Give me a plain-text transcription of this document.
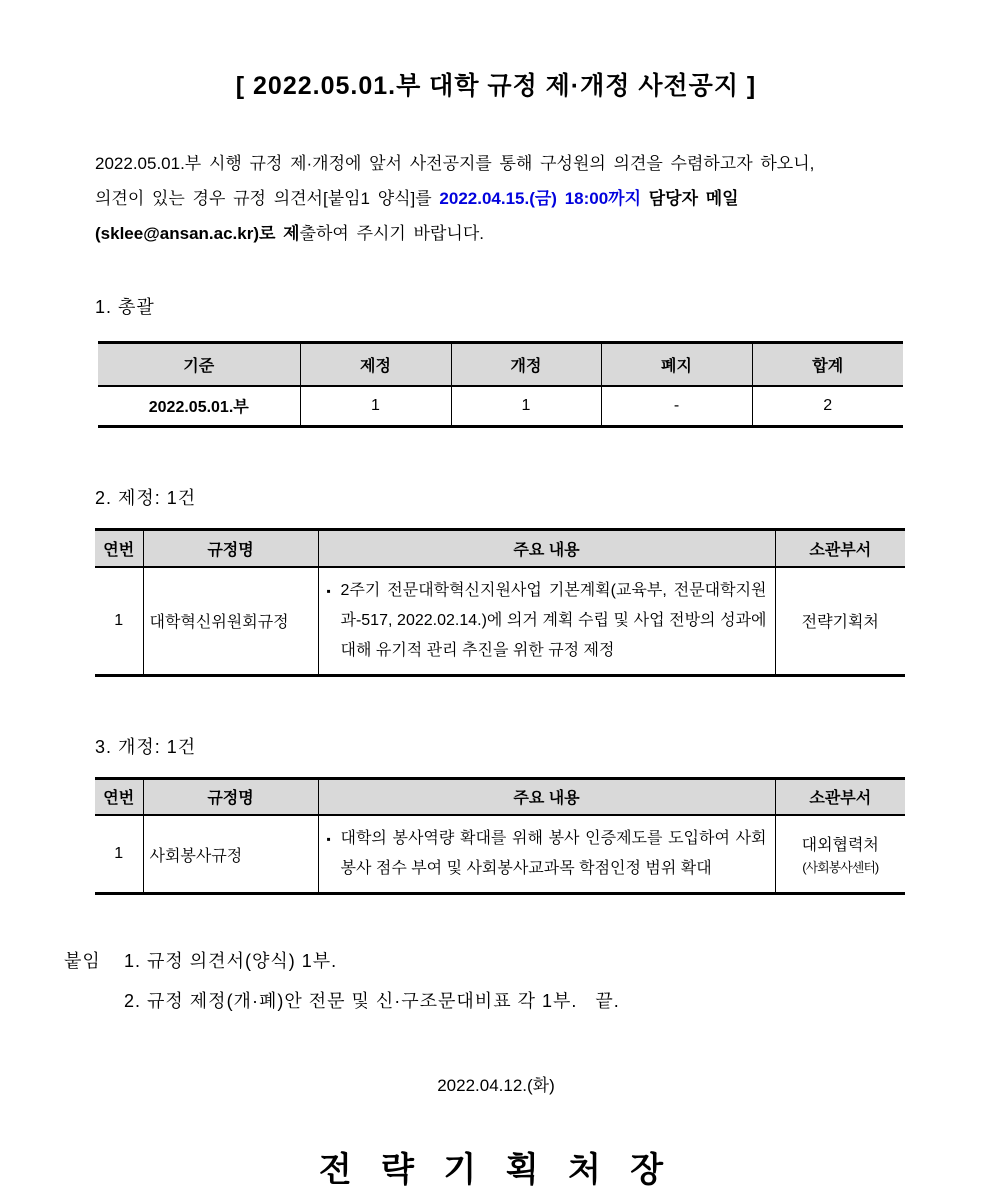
[ 2022.05.01.부 대학 규정 제·개정 사전공지 ]
2022.05.01.부 시행 규정 제·개정에 앞서 사전공지를 통해 구성원의 의견을 수렴하고자 하오니,
의견이 있는 경우 규정 의견서[붙임1 양식]를 2022.04.15.(금) 18:00까지 담당자 메일
(sklee@ansan.ac.kr)로 제출하여 주시기 바랍니다.
1. 총괄
기준	제정	개정	폐지	합계
2022.05.01.부	1	1	-	2
2. 제정: 1건
연번	규정명	주요 내용	소관부서
1	대학혁신위원회규정	▪ 2주기 전문대학혁신지원사업 기본계획(교육부, 전문대학지원과-517, 2022.02.14.)에 의거 계획 수립 및 사업 전방의 성과에 대해 유기적 관리 추진을 위한 규정 제정	전략기획처
3. 개정: 1건
연번	규정명	주요 내용	소관부서
1	사회봉사규정	▪ 대학의 봉사역량 확대를 위해 봉사 인증제도를 도입하여 사회봉사 점수 부여 및 사회봉사교과목 학점인정 범위 확대	대외협력처
(사회봉사센터)
붙임	1. 규정 의견서(양식) 1부.
2. 규정 제정(개·폐)안 전문 및 신·구조문대비표 각 1부.   끝.
2022.04.12.(화)
전 략 기 획 처 장
